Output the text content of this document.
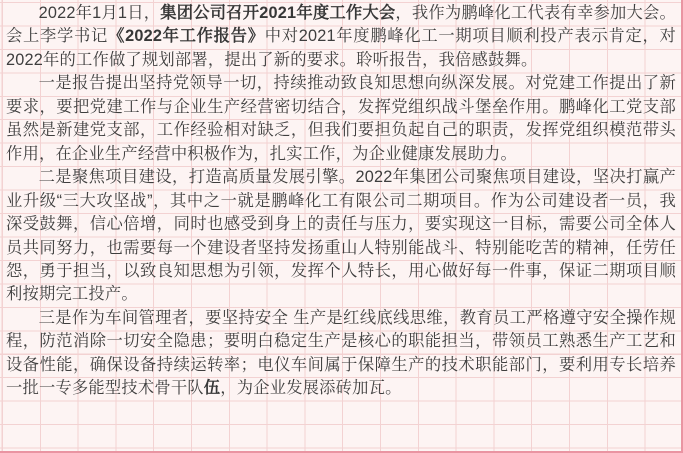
2022年1月1日，集团公司召开2021年度工作大会，我作为鹏峰化工代表有幸参加大会。会上李学书记《2022年工作报告》中对2021年度鹏峰化工一期项目顺利投产表示肯定，对2022年的工作做了规划部署，提出了新的要求。聆听报告，我倍感鼓舞。

一是报告提出坚持党领导一切，持续推动致良知思想向纵深发展。对党建工作提出了新要求，要把党建工作与企业生产经营密切结合，发挥党组织战斗堡垒作用。鹏峰化工党支部虽然是新建党支部，工作经验相对缺乏，但我们要担负起自己的职责，发挥党组织模范带头作用，在企业生产经营中积极作为，扎实工作，为企业健康发展助力。

二是聚焦项目建设，打造高质量发展引擎。2022年集团公司聚焦项目建设，坚决打赢产业升级“三大攻坚战”，其中之一就是鹏峰化工有限公司二期项目。作为公司建设者一员，我深受鼓舞，信心倍增，同时也感受到身上的责任与压力，要实现这一目标，需要公司全体人员共同努力，也需要每一个建设者坚持发扬重山人特别能战斗、特别能吃苦的精神，任劳任怨，勇于担当，以致良知思想为引领，发挥个人特长，用心做好每一件事，保证二期项目顺利按期完工投产。

三是作为车间管理者，要坚持安全 生产是红线底线思维，教育员工严格遵守安全操作规程，防范消除一切安全隐患；要明白稳定生产是核心的职能担当，带领员工熟悉生产工艺和设备性能，确保设备持续运转率；电仪车间属于保障生产的技术职能部门，要利用专长培养一批一专多能型技术骨干队伍，为企业发展添砖加瓦。
